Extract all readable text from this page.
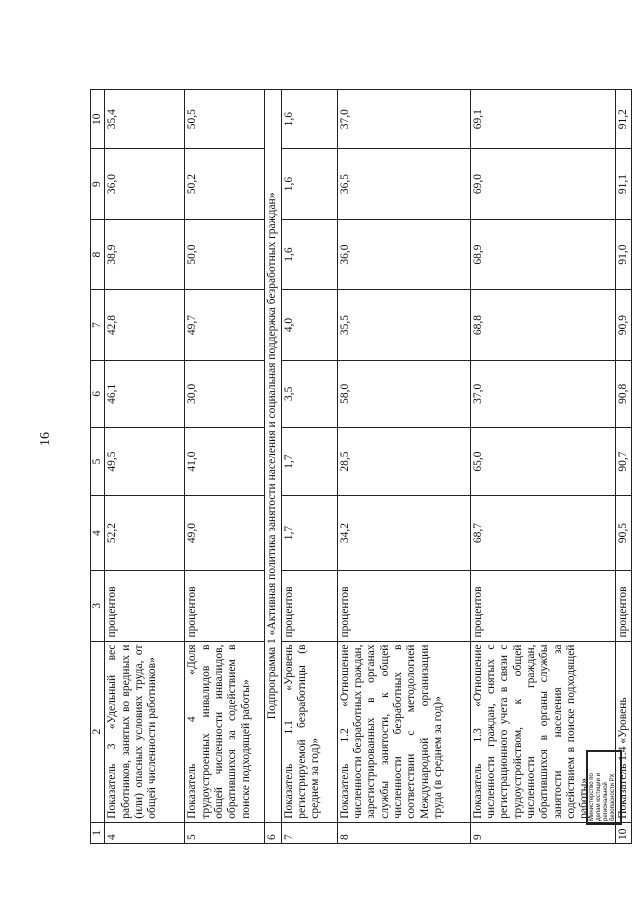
16
1	2	3	4	5	6	7	8	9	10
4	Показатель 3 «Удельный вес работников, занятых во вредных и (или) опасных условиях труда, от общей численности работников»	процентов	52,2	49,5	46,1	42,8	38,9	36,0	35,4
5	Показатель 4 «Доля трудоустроенных инвалидов в общей численности инвалидов, обратившихся за содействием в поиске подходящей работы»	процентов	49,0	41,0	30,0	49,7	50,0	50,2	50,5
6	Подпрограмма 1 «Активная политика занятости населения и социальная поддержка безработных граждан»								
7	Показатель 1.1 «Уровень регистрируемой безработицы (в среднем за год)»	процентов	1,7	1,7	3,5	4,0	1,6	1,6	1,6
8	Показатель 1.2 «Отношение численности безработных граждан, зарегистрированных в органах службы занятости, к общей численности безработных в соответствии с методологией Международной организации труда (в среднем за год)»	процентов	34,2	28,5	58,0	35,5	36,0	36,5	37,0
9	Показатель 1.3 «Отношение численности граждан, снятых с регистрационного учета в связи с трудоустройством, к общей численности граждан, обратившихся в органы службы занятости населения за содействием в поиске подходящей работы»	процентов	68,7	65,0	37,0	68,8	68,9	69,0	69,1
10	Показатель 1.4 «Уровень	процентов	90,5	90,7	90,8	90,9	91,0	91,1	91,2
Министерство по делам юстиции и региональной безопасности РХ
